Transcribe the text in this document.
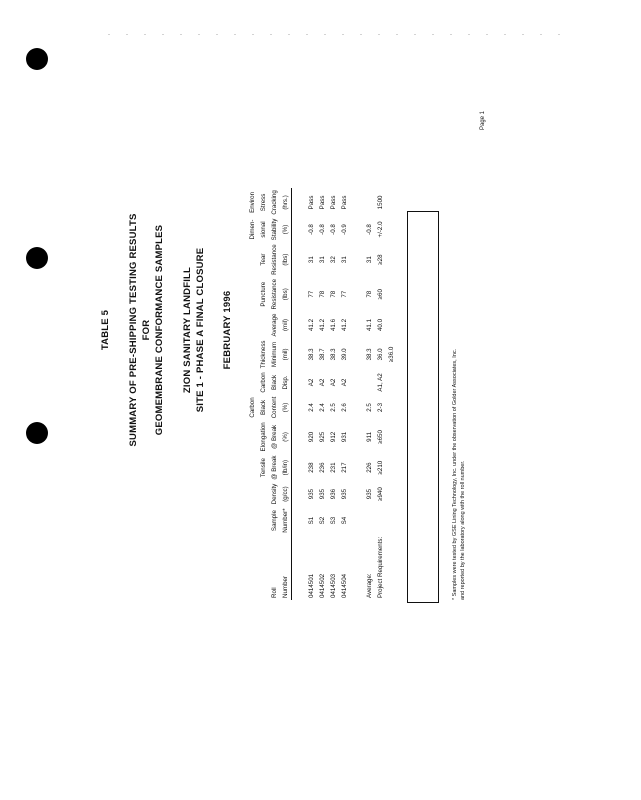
TABLE 5 SUMMARY OF PRE-SHIPPING TESTING RESULTS FOR GEOMEMBRANE CONFORMANCE SAMPLES ZION SANITARY LANDFILL SITE 1 - PHASE A FINAL CLOSURE FEBRUARY 1996
					Carbon						Dimen-	Environ
			Tensile	Elongation	Black	Carbon	Thickness		Puncture	Tear	sional	Stress
Roll	Sample	Density	@ Break	@ Break	Content	Black	Minimum	Average	Resistance	Resistance	Stability	Cracking
Number	Number*	(g/cc)	(lb/in)	(%)	(%)	Disp.	(mil)	(mil)	(lbs)	(lbs)	(%)	(hrs.)

0414501	S1	935	238	920	2.4	A2	38.3	41.2	77	31	-0.8	Pass
0414502	S2	935	236	925	2.4	A2	38.7	41.2	78	31	-0.8	Pass
0414503	S3	936	231	912	2.5	A2	38.3	41.6	78	32	-0.8	Pass
0414504	S4	935	217	931	2.6	A2	39.0	41.2	77	31	-0.9	Pass

Average:		935	226	911	2.5		38.3	41.1	78	31	-0.8	
Project Requirements:		≥940	≥210	≥650	2-3	A1, A2	36.0	40.0	≥60	≥28	+/-2.0	1500
							≥36.0						* Samples were tested by GSE Lining Technology, Inc. under the observation of Golder Associates, Inc. and reported by the laboratory along with the roll number.
Page 1
